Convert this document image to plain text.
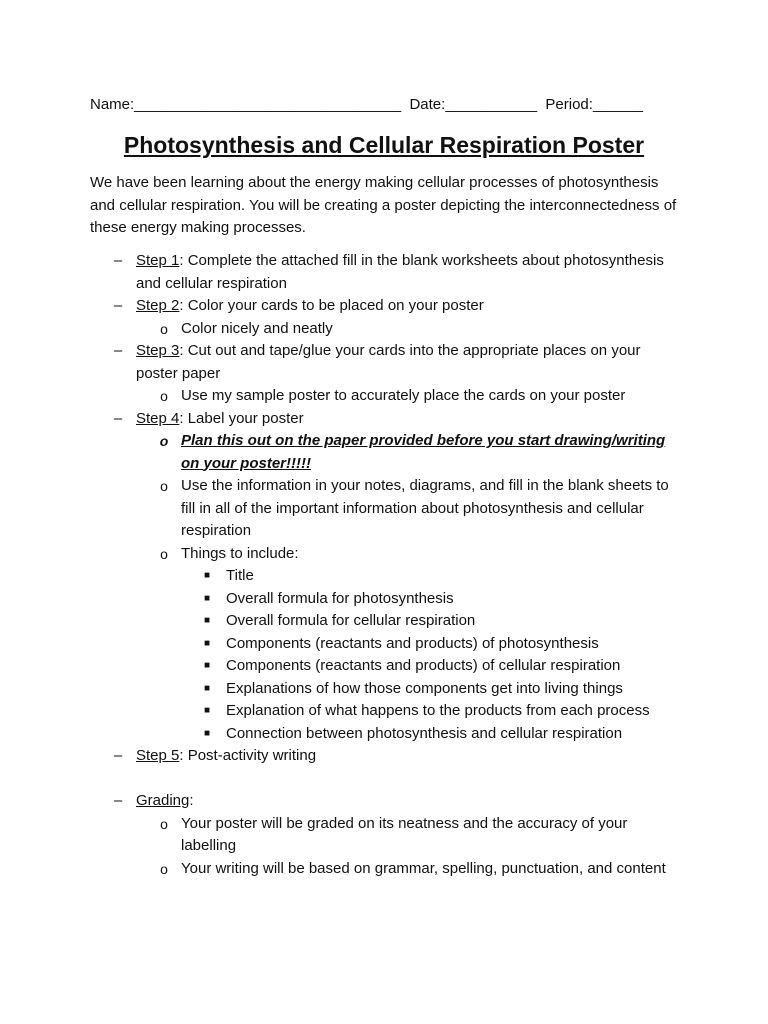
Name:________________________________  Date:___________  Period:______
Photosynthesis and Cellular Respiration Poster
We have been learning about the energy making cellular processes of photosynthesis and cellular respiration. You will be creating a poster depicting the interconnectedness of these energy making processes.
– Step 1: Complete the attached fill in the blank worksheets about photosynthesis and cellular respiration
– Step 2: Color your cards to be placed on your poster
o Color nicely and neatly
– Step 3: Cut out and tape/glue your cards into the appropriate places on your poster paper
o Use my sample poster to accurately place the cards on your poster
– Step 4: Label your poster
o Plan this out on the paper provided before you start drawing/writing on your poster!!!!!
o Use the information in your notes, diagrams, and fill in the blank sheets to fill in all of the important information about photosynthesis and cellular respiration
o Things to include:
■ Title
■ Overall formula for photosynthesis
■ Overall formula for cellular respiration
■ Components (reactants and products) of photosynthesis
■ Components (reactants and products) of cellular respiration
■ Explanations of how those components get into living things
■ Explanation of what happens to the products from each process
■ Connection between photosynthesis and cellular respiration
– Step 5: Post-activity writing
– Grading:
o Your poster will be graded on its neatness and the accuracy of your labelling
o Your writing will be based on grammar, spelling, punctuation, and content
